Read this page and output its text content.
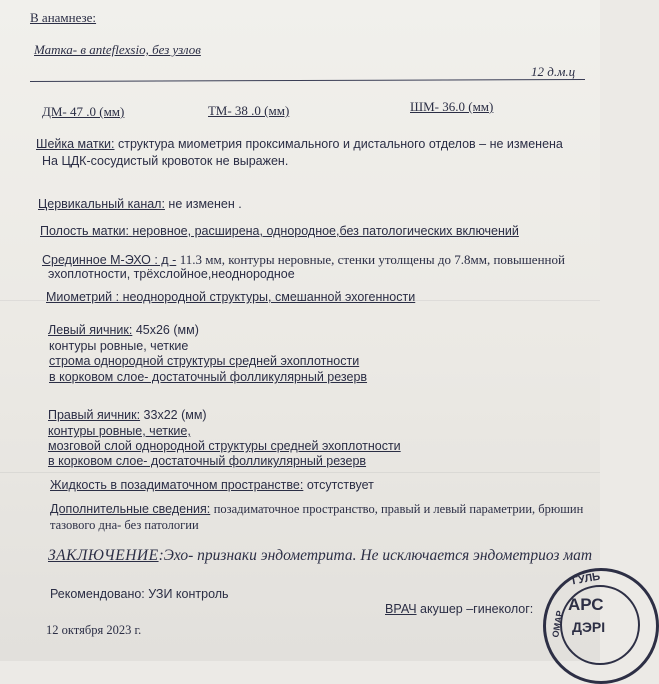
В анамнезе:
Матка- в anteflexsio, без узлов
12 д.м.ц
ДМ- 47 .0 (мм)	ТМ- 38 .0 (мм)	ШМ- 36.0 (мм)
Шейка матки: структура миометрия проксимального и дистального отделов – не изменена
На ЦДК-сосудистый кровоток не выражен.
Цервикальный канал: не изменен .
Полость матки: неровное, расширена, однородное,без патологических включений
Срединное М-ЭХО : д - 11.3 мм, контуры неровные, стенки утолщены до 7.8мм, повышенной
эхоплотности, трёхслойное,неоднородное
Миометрий : неоднородной структуры, смешанной эхогенности
Левый яичник: 45х26 (мм)
контуры ровные, четкие
строма однородной структуры средней эхоплотности
в корковом слое- достаточный фолликулярный резерв
Правый яичник: 33х22 (мм)
контуры ровные, четкие,
мозговой слой однородной структуры средней эхоплотности
в корковом слое- достаточный фолликулярный резерв
Жидкость в позадиматочном пространстве: отсутствует
Дополнительные сведения: позадиматочное пространство, правый и левый параметрии, брюшин
тазового дна- без патологии
ЗАКЛЮЧЕНИЕ:Эхо- признаки эндометрита. Не исключается эндометриоз мат
Рекомендовано: УЗИ контроль
ВРАЧ акушер –гинеколог:
12 октября 2023 г.
ГУЛЬ
АРС
ДЭРІ
ОМАР
